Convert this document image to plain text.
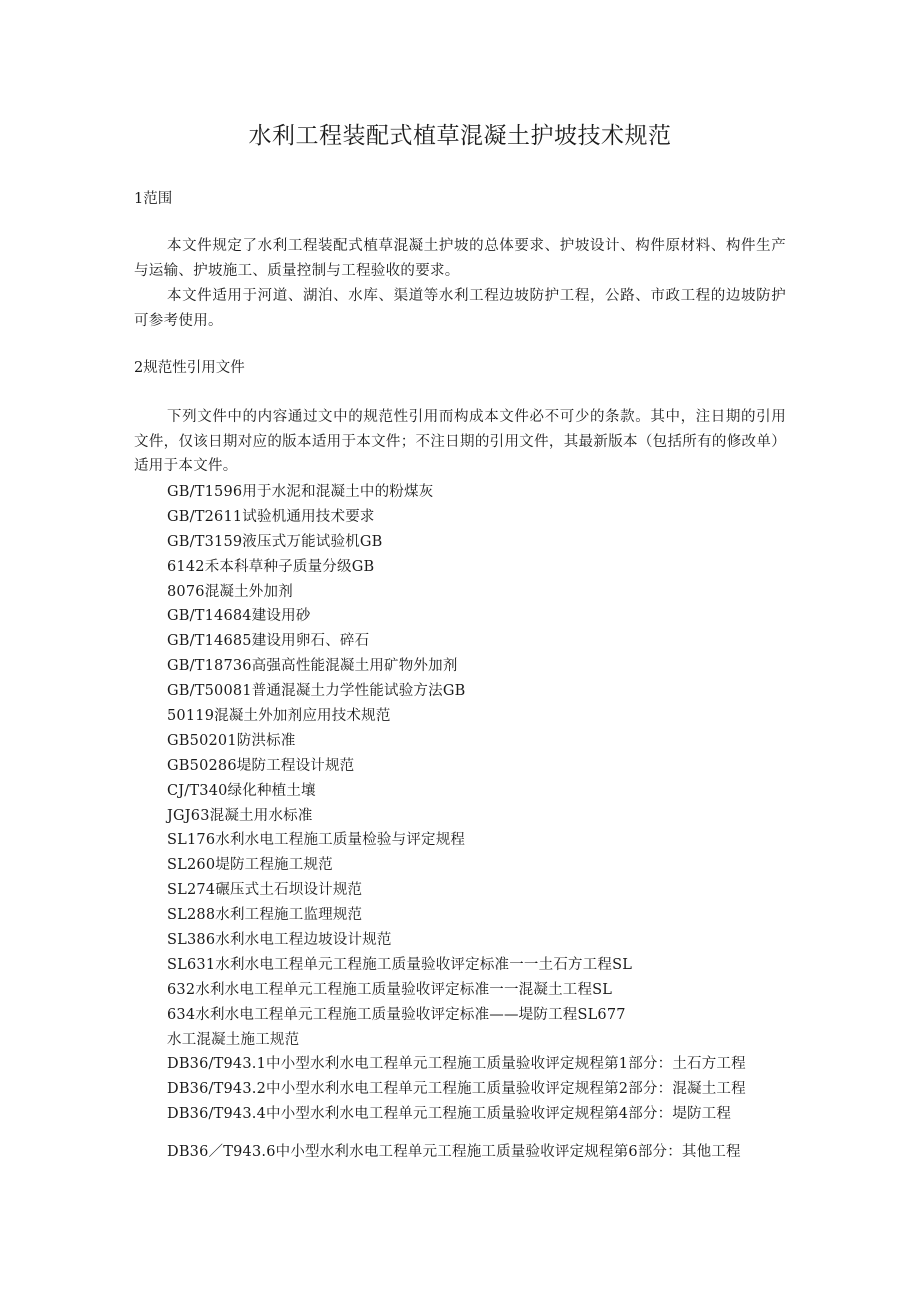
水利工程装配式植草混凝土护坡技术规范
1范围
本文件规定了水利工程装配式植草混凝土护坡的总体要求、护坡设计、构件原材料、构件生产与运输、护坡施工、质量控制与工程验收的要求。
本文件适用于河道、湖泊、水库、渠道等水利工程边坡防护工程，公路、市政工程的边坡防护可参考使用。
2规范性引用文件
下列文件中的内容通过文中的规范性引用而构成本文件必不可少的条款。其中，注日期的引用文件，仅该日期对应的版本适用于本文件；不注日期的引用文件，其最新版本（包括所有的修改单）适用于本文件。
GB/T1596用于水泥和混凝土中的粉煤灰
GB/T2611试验机通用技术要求
GB/T3159液压式万能试验机GB
6142禾本科草种子质量分级GB
8076混凝土外加剂
GB/T14684建设用砂
GB/T14685建设用卵石、碎石
GB/T18736高强高性能混凝土用矿物外加剂
GB/T50081普通混凝土力学性能试验方法GB
50119混凝土外加剂应用技术规范
GB50201防洪标准
GB50286堤防工程设计规范
CJ/T340绿化种植土壤
JGJ63混凝土用水标准
SL176水利水电工程施工质量检验与评定规程
SL260堤防工程施工规范
SL274碾压式土石坝设计规范
SL288水利工程施工监理规范
SL386水利水电工程边坡设计规范
SL631水利水电工程单元工程施工质量验收评定标准一一土石方工程SL
632水利水电工程单元工程施工质量验收评定标准一一混凝土工程SL
634水利水电工程单元工程施工质量验收评定标准——堤防工程SL677
水工混凝土施工规范
DB36/T943.1中小型水利水电工程单元工程施工质量验收评定规程第1部分：土石方工程
DB36/T943.2中小型水利水电工程单元工程施工质量验收评定规程第2部分：混凝土工程
DB36/T943.4中小型水利水电工程单元工程施工质量验收评定规程第4部分：堤防工程
DB36／T943.6中小型水利水电工程单元工程施工质量验收评定规程第6部分：其他工程
